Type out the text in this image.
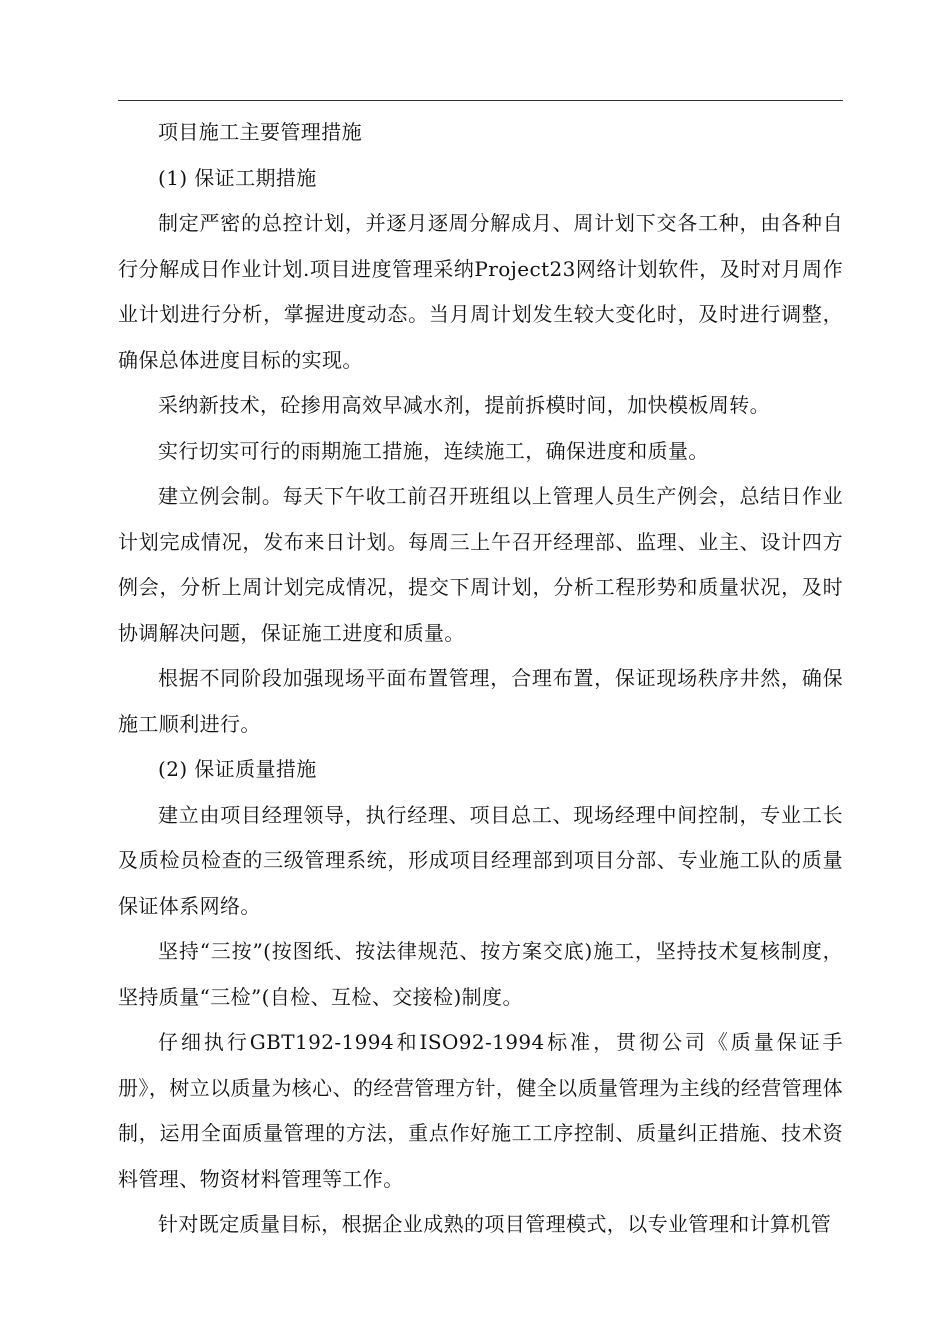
项目施工主要管理措施

(1) 保证工期措施

制定严密的总控计划，并逐月逐周分解成月、周计划下交各工种，由各种自行分解成日作业计划.项目进度管理采纳Project23网络计划软件，及时对月周作业计划进行分析，掌握进度动态。当月周计划发生较大变化时，及时进行调整，确保总体进度目标的实现。

采纳新技术，砼掺用高效早减水剂，提前拆模时间，加快模板周转。

实行切实可行的雨期施工措施，连续施工，确保进度和质量。

建立例会制。每天下午收工前召开班组以上管理人员生产例会，总结日作业计划完成情况，发布来日计划。每周三上午召开经理部、监理、业主、设计四方例会，分析上周计划完成情况，提交下周计划，分析工程形势和质量状况，及时协调解决问题，保证施工进度和质量。

根据不同阶段加强现场平面布置管理，合理布置，保证现场秩序井然，确保施工顺利进行。

(2) 保证质量措施

建立由项目经理领导，执行经理、项目总工、现场经理中间控制，专业工长及质检员检查的三级管理系统，形成项目经理部到项目分部、专业施工队的质量保证体系网络。

坚持“三按”(按图纸、按法律规范、按方案交底)施工，坚持技术复核制度，坚持质量“三检”(自检、互检、交接检)制度。

仔细执行GBT192-1994和ISO92-1994标准，贯彻公司《质量保证手册》，树立以质量为核心、的经营管理方针，健全以质量管理为主线的经营管理体制，运用全面质量管理的方法，重点作好施工工序控制、质量纠正措施、技术资料管理、物资材料管理等工作。

针对既定质量目标，根据企业成熟的项目管理模式，以专业管理和计算机管
